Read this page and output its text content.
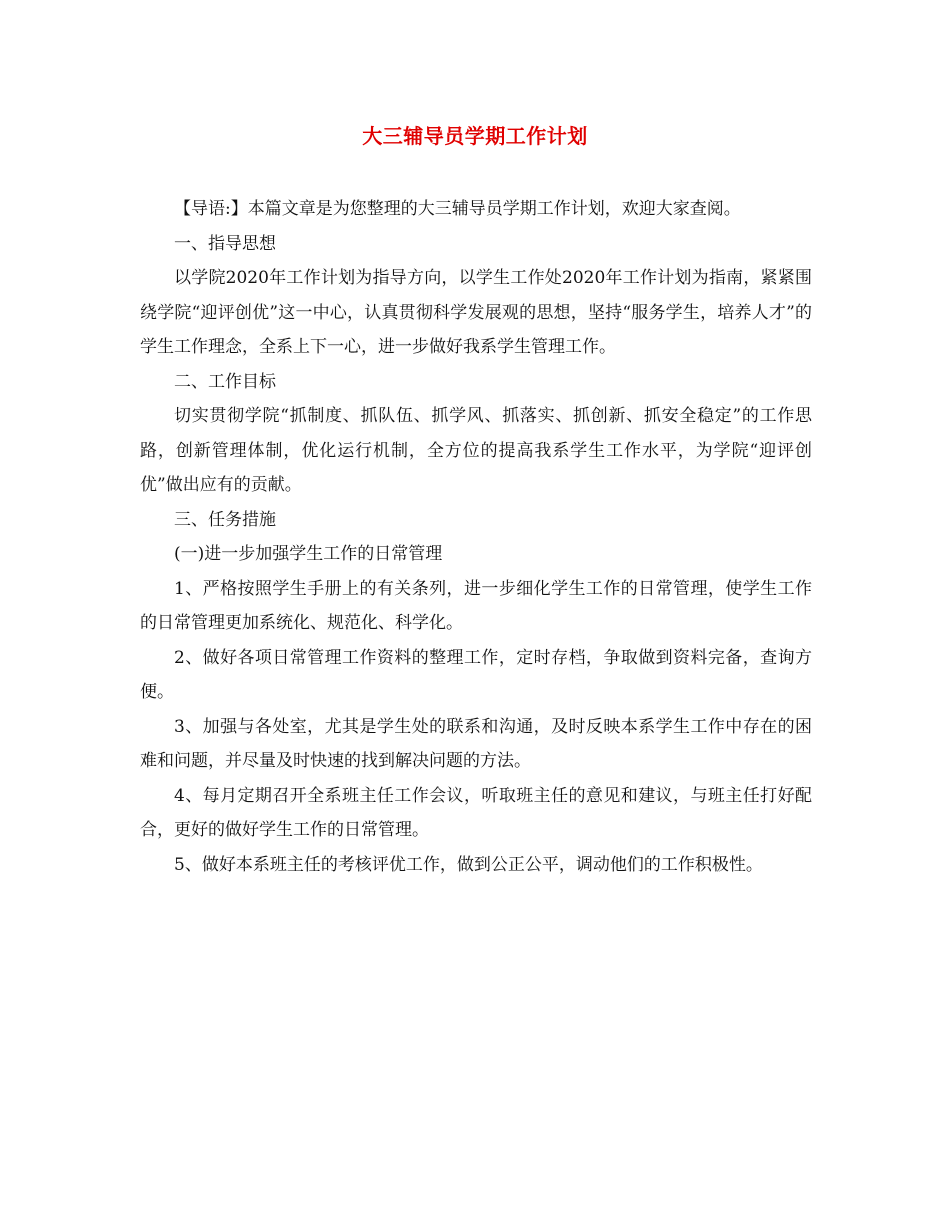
大三辅导员学期工作计划

【导语:】本篇文章是为您整理的大三辅导员学期工作计划，欢迎大家查阅。

一、指导思想

以学院2020年工作计划为指导方向，以学生工作处2020年工作计划为指南，紧紧围绕学院“迎评创优”这一中心，认真贯彻科学发展观的思想，坚持“服务学生，培养人才”的学生工作理念，全系上下一心，进一步做好我系学生管理工作。

二、工作目标

切实贯彻学院“抓制度、抓队伍、抓学风、抓落实、抓创新、抓安全稳定”的工作思路，创新管理体制，优化运行机制，全方位的提高我系学生工作水平，为学院“迎评创优”做出应有的贡献。

三、任务措施

(一)进一步加强学生工作的日常管理

1、严格按照学生手册上的有关条列，进一步细化学生工作的日常管理，使学生工作的日常管理更加系统化、规范化、科学化。

2、做好各项日常管理工作资料的整理工作，定时存档，争取做到资料完备，查询方便。

3、加强与各处室，尤其是学生处的联系和沟通，及时反映本系学生工作中存在的困难和问题，并尽量及时快速的找到解决问题的方法。

4、每月定期召开全系班主任工作会议，听取班主任的意见和建议，与班主任打好配合，更好的做好学生工作的日常管理。

5、做好本系班主任的考核评优工作，做到公正公平，调动他们的工作积极性。
